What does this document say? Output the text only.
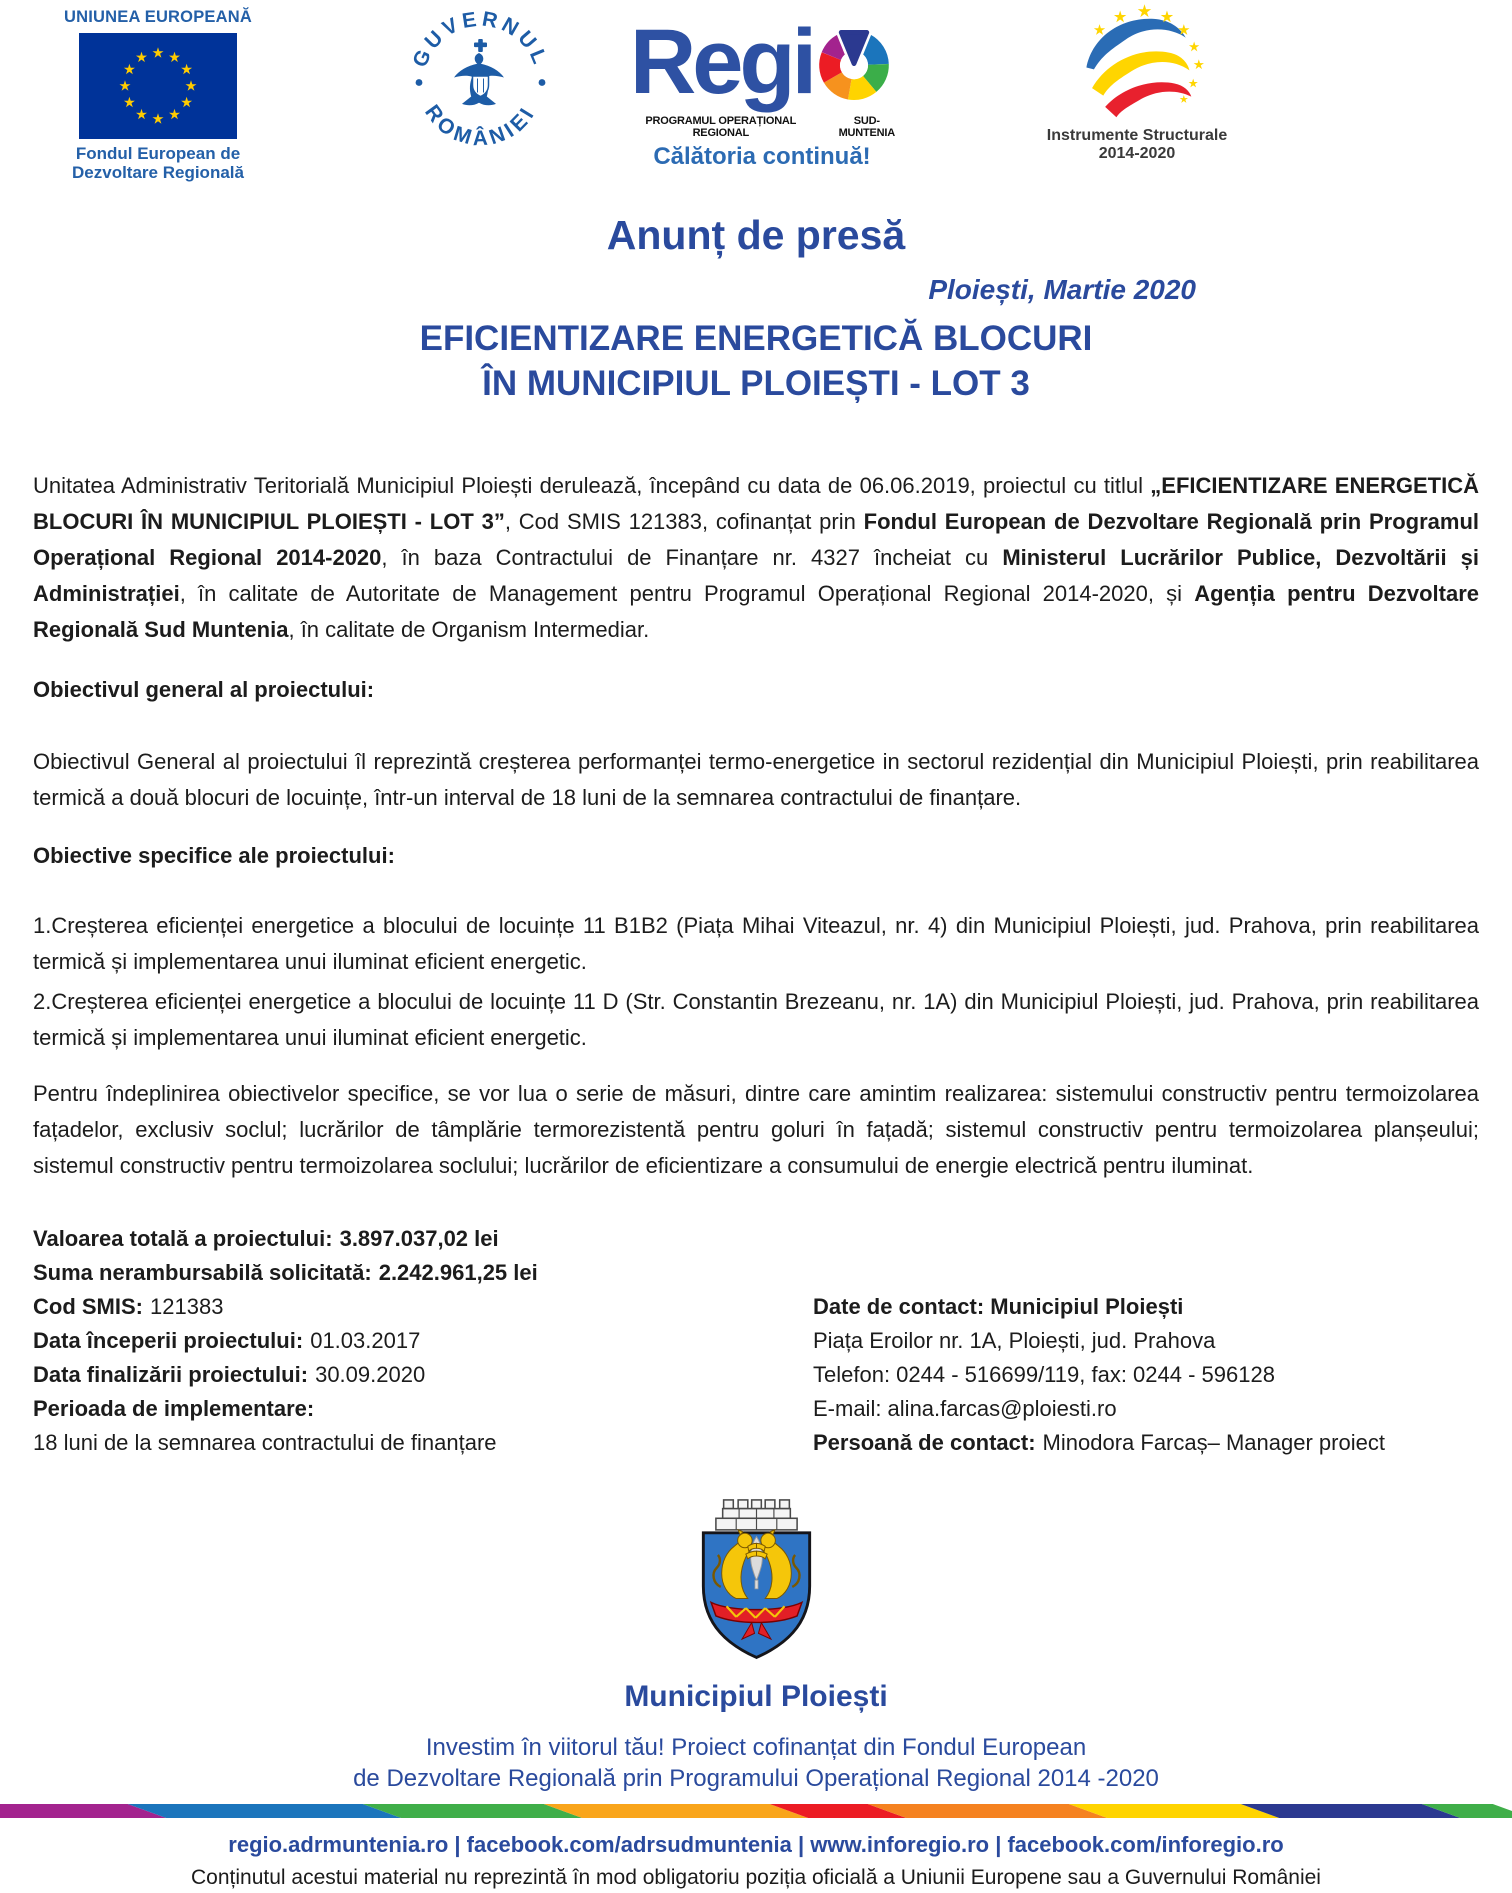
UNIUNEA EUROPEANĂ
Fondul European de
Dezvoltare Regională
GUVERNUL
ROMÂNIEI Regi
PROGRAMUL OPERAȚIONAL REGIONAL
SUD-MUNTENIA
Călătoria continuă!
Instrumente Structurale
2014-2020
Anunț de presă
Ploiești, Martie 2020
EFICIENTIZARE ENERGETICĂ BLOCURI
ÎN MUNICIPIUL PLOIEȘTI - LOT 3

Unitatea Administrativ Teritorială Municipiul Ploiești derulează, începând cu data de 06.06.2019, proiectul cu titlul „EFICIENTIZARE ENERGETICĂ BLOCURI ÎN MUNICIPIUL PLOIEȘTI - LOT 3”, Cod SMIS 121383, cofinanțat prin Fondul European de Dezvoltare Regională prin Programul Operațional Regional 2014-2020, în baza Contractului de Finanțare nr. 4327 încheiat cu Ministerul Lucrărilor Publice, Dezvoltării și Administrației, în calitate de Autoritate de Management pentru Programul Operațional Regional 2014-2020, și Agenția pentru Dezvoltare Regională Sud Muntenia, în calitate de Organism Intermediar.

Obiectivul general al proiectului:

Obiectivul General al proiectului îl reprezintă creșterea performanței termo-energetice in sectorul rezidențial din Municipiul Ploiești, prin reabilitarea termică a două blocuri de locuințe, într-un interval de 18 luni de la semnarea contractului de finanțare.

Obiective specifice ale proiectului:

1.Creșterea eficienței energetice a blocului de locuințe 11 B1B2 (Piața Mihai Viteazul, nr. 4) din Municipiul Ploiești, jud. Prahova, prin reabilitarea termică și implementarea unui iluminat eficient energetic.

2.Creșterea eficienței energetice a blocului de locuințe 11 D (Str. Constantin Brezeanu, nr. 1A) din Municipiul Ploiești, jud. Prahova, prin reabilitarea termică și implementarea unui iluminat eficient energetic.

Pentru îndeplinirea obiectivelor specifice, se vor lua o serie de măsuri, dintre care amintim realizarea: sistemului constructiv pentru termoizolarea fațadelor, exclusiv soclul; lucrărilor de tâmplărie termorezistentă pentru goluri în fațadă; sistemul constructiv pentru termoizolarea planșeului; sistemul constructiv pentru termoizolarea soclului; lucrărilor de eficientizare a consumului de energie electrică pentru iluminat.

Valoarea totală a proiectului: 3.897.037,02 lei
Suma nerambursabilă solicitată: 2.242.961,25 lei
Cod SMIS: 121383
Data începerii proiectului: 01.03.2017
Data finalizării proiectului: 30.09.2020
Perioada de implementare:
18 luni de la semnarea contractului de finanțare
Date de contact: Municipiul Ploiești
Piața Eroilor nr. 1A, Ploiești, jud. Prahova
Telefon: 0244 - 516699/119, fax: 0244 - 596128
E-mail: alina.farcas@ploiesti.ro
Persoană de contact: Minodora Farcaș– Manager proiect
Municipiul Ploiești
Investim în viitorul tău! Proiect cofinanțat din Fondul European
de Dezvoltare Regională prin Programului Operațional Regional 2014 -2020
regio.adrmuntenia.ro | facebook.com/adrsudmuntenia | www.inforegio.ro | facebook.com/inforegio.ro
Conținutul acestui material nu reprezintă în mod obligatoriu poziția oficială a Uniunii Europene sau a Guvernului României
